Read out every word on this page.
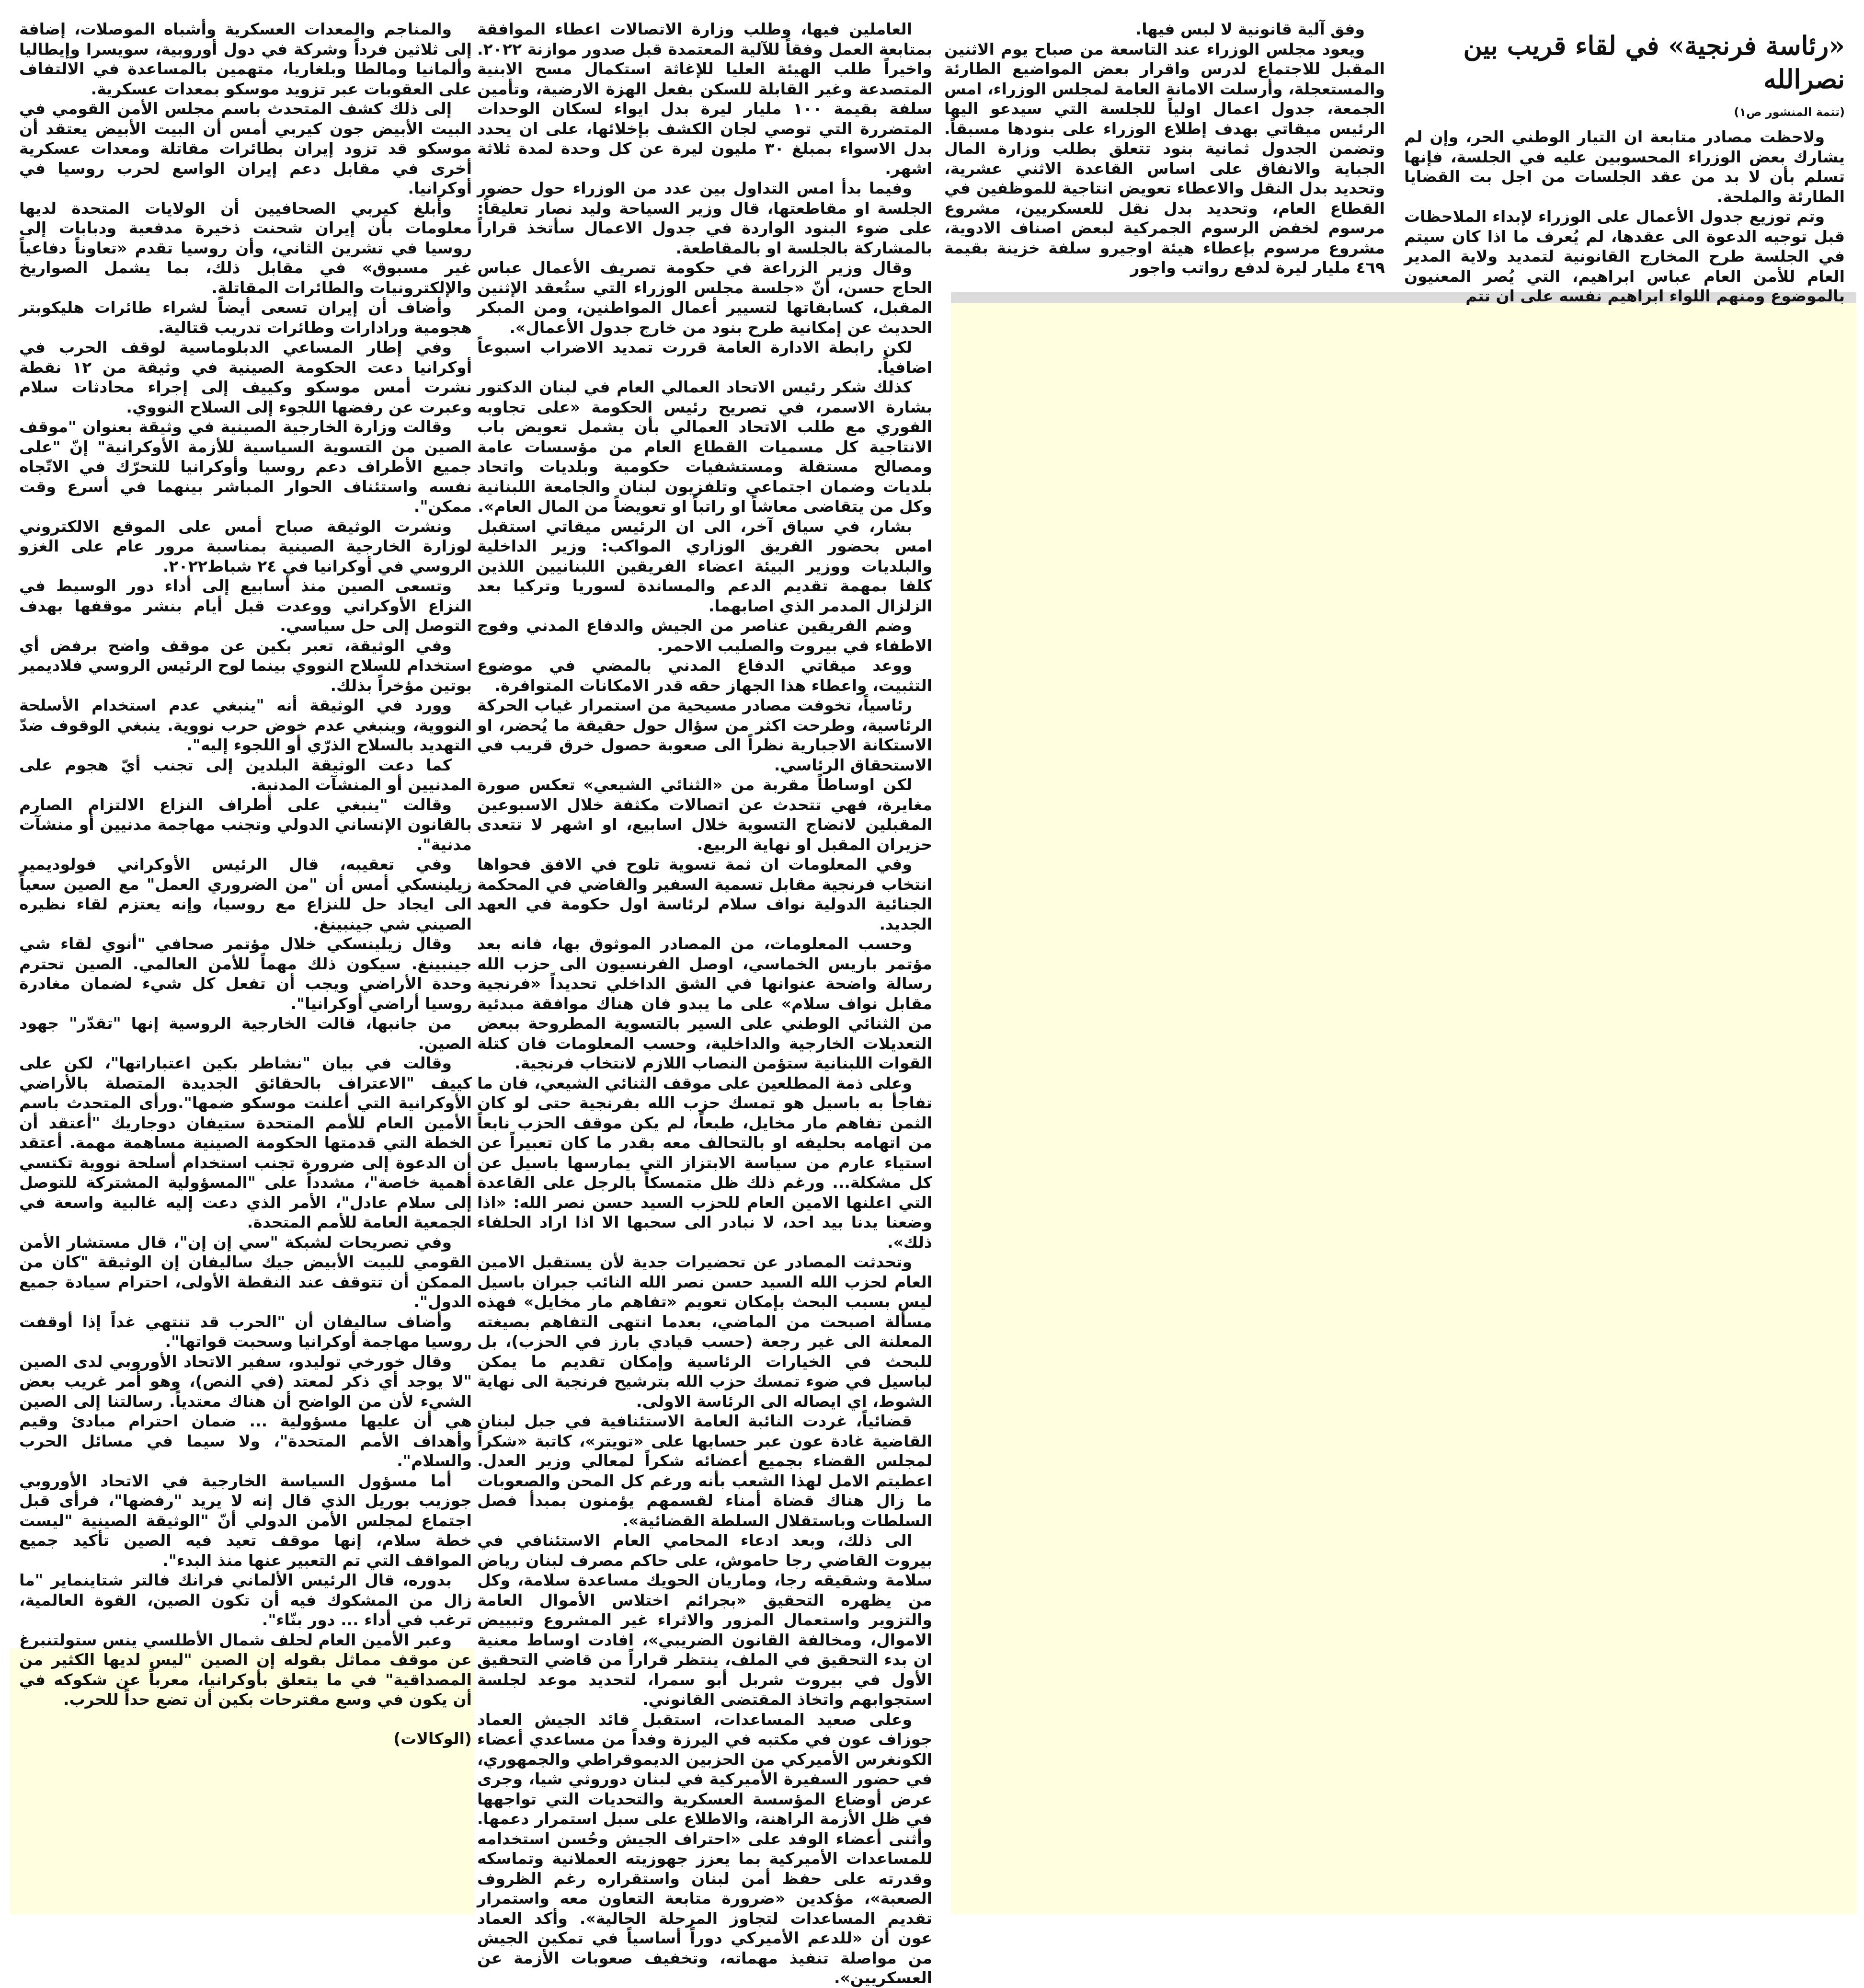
«رئاسة فرنجية» في لقاء قريب بين نصرالله
(تتمة المنشور ص١)

ولاحظت مصادر متابعة ان التيار الوطني الحر، وإن لم يشارك بعض الوزراء المحسوبين عليه في الجلسة، فإنها تسلم بأن لا بد من عقد الجلسات من اجل بت القضايا الطارئة والملحة.

وتم توزيع جدول الأعمال على الوزراء لإبداء الملاحظات قبل توجيه الدعوة الى عقدها، لم يُعرف ما اذا كان سيتم في الجلسة طرح المخارج القانونية لتمديد ولاية المدير العام للأمن العام عباس ابراهيم، التي يُصر المعنيون بالموضوع ومنهم اللواء ابراهيم نفسه على ان تتم

وفق آلية قانونية لا لبس فيها.

ويعود مجلس الوزراء عند التاسعة من صباح يوم الاثنين المقبل للاجتماع لدرس واقرار بعض المواضيع الطارئة والمستعجلة، وأرسلت الامانة العامة لمجلس الوزراء، امس الجمعة، جدول اعمال اولياً للجلسة التي سيدعو اليها الرئيس ميقاتي بهدف إطلاع الوزراء على بنودها مسبقاً. وتضمن الجدول ثمانية بنود تتعلق بطلب وزارة المال الجباية والانفاق على اساس القاعدة الاثني عشرية، وتحديد بدل النقل والاعطاء تعويض انتاجية للموظفين في القطاع العام، وتحديد بدل نقل للعسكريين، مشروع مرسوم لخفض الرسوم الجمركية لبعض اصناف الادوية، مشروع مرسوم بإعطاء هيئة اوجيرو سلفة خزينة بقيمة ٤٦٩ مليار ليرة لدفع رواتب واجور

العاملين فيها، وطلب وزارة الاتصالات اعطاء الموافقة بمتابعة العمل وفقاً للآلية المعتمدة قبل صدور موازنة ٢٠٢٢. واخيراً طلب الهيئة العليا للإغاثة استكمال مسح الابنية المتصدعة وغير القابلة للسكن بفعل الهزة الارضية، وتأمين سلفة بقيمة ١٠٠ مليار ليرة بدل ايواء لسكان الوحدات المتضررة التي توصي لجان الكشف بإخلائها، على ان يحدد بدل الاسواء بمبلغ ٣٠ مليون ليرة عن كل وحدة لمدة ثلاثة اشهر.

وفيما بدأ امس التداول بين عدد من الوزراء حول حضور الجلسة او مقاطعتها، قال وزير السياحة وليد نصار تعليقاً: على ضوء البنود الواردة في جدول الاعمال سأتخذ قراراً بالمشاركة بالجلسة او بالمقاطعة.

وقال وزير الزراعة في حكومة تصريف الأعمال عباس الحاج حسن، أنّ «جلسة مجلس الوزراء التي ستُعقد الإثنين المقبل، كسابقاتها لتسيير أعمال المواطنين، ومن المبكر الحديث عن إمكانية طرح بنود من خارج جدول الأعمال».

لكن رابطة الادارة العامة قررت تمديد الاضراب اسبوعاً اضافياً.

كذلك شكر رئيس الاتحاد العمالي العام في لبنان الدكتور بشارة الاسمر، في تصريح رئيس الحكومة «على تجاوبه الفوري مع طلب الاتحاد العمالي بأن يشمل تعويض باب الانتاجية كل مسميات القطاع العام من مؤسسات عامة ومصالح مستقلة ومستشفيات حكومية وبلديات واتحاد بلديات وضمان اجتماعي وتلفزيون لبنان والجامعة اللبنانية وكل من يتقاضى معاشاً او راتباً او تعويضاً من المال العام».

بشار، في سياق آخر، الى ان الرئيس ميقاتي استقبل امس بحضور الفريق الوزاري المواكب: وزير الداخلية والبلديات ووزير البيئة اعضاء الفريقين اللبنانيين اللذين كلفا بمهمة تقديم الدعم والمساندة لسوريا وتركيا بعد الزلزال المدمر الذي اصابهما.

وضم الفريقين عناصر من الجيش والدفاع المدني وفوج الاطفاء في بيروت والصليب الاحمر.

ووعد ميقاتي الدفاع المدني بالمضي في موضوع التثبيت، واعطاء هذا الجهاز حقه قدر الامكانات المتوافرة.

رئاسياً، تخوفت مصادر مسيحية من استمرار غياب الحركة الرئاسية، وطرحت اكثر من سؤال حول حقيقة ما يُحضر، او الاستكانة الاجبارية نظراً الى صعوبة حصول خرق قريب في الاستحقاق الرئاسي.

لكن اوساطاً مقربة من «الثنائي الشيعي» تعكس صورة مغايرة، فهي تتحدث عن اتصالات مكثفة خلال الاسبوعين المقبلين لانضاج التسوية خلال اسابيع، او اشهر لا تتعدى حزيران المقبل او نهاية الربيع.

وفي المعلومات ان ثمة تسوية تلوح في الافق فحواها انتخاب فرنجية مقابل تسمية السفير والقاضي في المحكمة الجنائية الدولية نواف سلام لرئاسة اول حكومة في العهد الجديد.

وحسب المعلومات، من المصادر الموثوق بها، فانه بعد مؤتمر باريس الخماسي، اوصل الفرنسيون الى حزب الله رسالة واضحة عنوانها في الشق الداخلي تحديداً «فرنجية مقابل نواف سلام» على ما يبدو فان هناك موافقة مبدئية من الثنائي الوطني على السير بالتسوية المطروحة ببعض التعديلات الخارجية والداخلية، وحسب المعلومات فان كتلة القوات اللبنانية ستؤمن النصاب اللازم لانتخاب فرنجية.

وعلى ذمة المطلعين على موقف الثنائي الشيعي، فان ما تفاجأ به باسيل هو تمسك حزب الله بفرنجية حتى لو كان الثمن تفاهم مار مخايل، طبعاً، لم يكن موقف الحزب نابعاً من اتهامه بحليفه او بالتحالف معه بقدر ما كان تعبيراً عن استياء عارم من سياسة الابتزاز التي يمارسها باسيل عن كل مشكلة... ورغم ذلك ظل متمسكاً بالرجل على القاعدة التي اعلنها الامين العام للحزب السيد حسن نصر الله: «اذا وضعنا يدنا بيد احد، لا نبادر الى سحبها الا اذا اراد الحلفاء ذلك».

وتحدثت المصادر عن تحضيرات جدية لأن يستقبل الامين العام لحزب الله السيد حسن نصر الله النائب جبران باسيل ليس بسبب البحث بإمكان تعويم «تفاهم مار مخايل» فهذه مسألة اصبحت من الماضي، بعدما انتهى التفاهم بصيغته المعلنة الى غير رجعة (حسب قيادي بارز في الحزب)، بل للبحث في الخيارات الرئاسية وإمكان تقديم ما يمكن لباسيل في ضوء تمسك حزب الله بترشيح فرنجية الى نهاية الشوط، اي ايصاله الى الرئاسة الاولى.

قضائياً، غردت النائبة العامة الاستئنافية في جبل لبنان القاضية غادة عون عبر حسابها على «تويتر»، كاتبة «شكراً لمجلس القضاء بجميع أعضائه شكراً لمعالي وزير العدل. اعطيتم الامل لهذا الشعب بأنه ورغم كل المحن والصعوبات ما زال هناك قضاة أمناء لقسمهم يؤمنون بمبدأ فصل السلطات وباستقلال السلطة القضائية».

الى ذلك، وبعد ادعاء المحامي العام الاستئنافي في بيروت القاضي رجا حاموش، على حاكم مصرف لبنان رياض سلامة وشقيقه رجا، وماريان الحويك مساعدة سلامة، وكل من يظهره التحقيق «بجرائم اختلاس الأموال العامة والتزوير واستعمال المزور والاثراء غير المشروع وتبييض الاموال، ومخالفة القانون الضريبي»، افادت اوساط معنية ان بدء التحقيق في الملف، ينتظر قراراً من قاضي التحقيق الأول في بيروت شربل أبو سمرا، لتحديد موعد لجلسة استجوابهم واتخاذ المقتضى القانوني.

وعلى صعيد المساعدات، استقبل قائد الجيش العماد جوزاف عون في مكتبه في اليرزة وفداً من مساعدي أعضاء الكونغرس الأميركي من الحزبين الديموقراطي والجمهوري، في حضور السفيرة الأميركية في لبنان دوروثي شيا، وجرى عرض أوضاع المؤسسة العسكرية والتحديات التي تواجهها في ظل الأزمة الراهنة، والاطلاع على سبل استمرار دعمها. وأثنى أعضاء الوفد على «احتراف الجيش وحُسن استخدامه للمساعدات الأميركية بما يعزز جهوزيته العملانية وتماسكه وقدرته على حفظ أمن لبنان واستقراره رغم الظروف الصعبة»، مؤكدين «ضرورة متابعة التعاون معه واستمرار تقديم المساعدات لتجاوز المرحلة الحالية». وأكد العماد عون أن «للدعم الأميركي دوراً أساسياً في تمكين الجيش من مواصلة تنفيذ مهماته، وتخفيف صعوبات الأزمة عن العسكريين».

والمناجم والمعدات العسكرية وأشباه الموصلات، إضافة إلى ثلاثين فرداً وشركة في دول أوروبية، سويسرا وإيطاليا وألمانيا ومالطا وبلغاريا، متهمين بالمساعدة في الالتفاف على العقوبات عبر تزويد موسكو بمعدات عسكرية.

إلى ذلك كشف المتحدث باسم مجلس الأمن القومي في البيت الأبيض جون كيربي أمس أن البيت الأبيض يعتقد أن موسكو قد تزود إيران بطائرات مقاتلة ومعدات عسكرية أخرى في مقابل دعم إيران الواسع لحرب روسيا في أوكرانيا.

وأبلغ كيربي الصحافيين أن الولايات المتحدة لديها معلومات بأن إيران شحنت ذخيرة مدفعية ودبابات إلى روسيا في تشرين الثاني، وأن روسيا تقدم «تعاوناً دفاعياً غير مسبوق» في مقابل ذلك، بما يشمل الصواريخ والإلكترونيات والطائرات المقاتلة.

وأضاف أن إيران تسعى أيضاً لشراء طائرات هليكوبتر هجومية ورادارات وطائرات تدريب قتالية.

وفي إطار المساعي الدبلوماسية لوقف الحرب في أوكرانيا دعت الحكومة الصينية في وثيقة من ١٢ نقطة نشرت أمس موسكو وكييف إلى إجراء محادثات سلام وعبرت عن رفضها اللجوء إلى السلاح النووي.

وقالت وزارة الخارجية الصينية في وثيقة بعنوان "موقف الصين من التسوية السياسية للأزمة الأوكرانية" إنّ "على جميع الأطراف دعم روسيا وأوكرانيا للتحرّك في الاتّجاه نفسه واستئناف الحوار المباشر بينهما في أسرع وقت ممكن".

ونشرت الوثيقة صباح أمس على الموقع الالكتروني لوزارة الخارجية الصينية بمناسبة مرور عام على الغزو الروسي في أوكرانيا في ٢٤ شباط٢٠٢٢.

وتسعى الصين منذ أسابيع إلى أداء دور الوسيط في النزاع الأوكراني ووعدت قبل أيام بنشر موقفها بهدف التوصل إلى حل سياسي.

وفي الوثيقة، تعبر بكين عن موقف واضح برفض أي استخدام للسلاح النووي بينما لوح الرئيس الروسي فلاديمير بوتين مؤخراً بذلك.

وورد في الوثيقة أنه "ينبغي عدم استخدام الأسلحة النووية، وينبغي عدم خوض حرب نووية. ينبغي الوقوف ضدّ التهديد بالسلاح الذرّي أو اللجوء إليه".

كما دعت الوثيقة البلدين إلى تجنب أيّ هجوم على المدنيين أو المنشآت المدنية.

وقالت "ينبغي على أطراف النزاع الالتزام الصارم بالقانون الإنساني الدولي وتجنب مهاجمة مدنيين أو منشآت مدنية".

وفي تعقيبه، قال الرئيس الأوكراني فولوديمير زيلينسكي أمس أن "من الضروري العمل" مع الصين سعياً الى ايجاد حل للنزاع مع روسيا، وإنه يعتزم لقاء نظيره الصيني شي جينبينغ.

وقال زيلينسكي خلال مؤتمر صحافي "أنوي لقاء شي جينبينغ. سيكون ذلك مهماً للأمن العالمي. الصين تحترم وحدة الأراضي ويجب أن تفعل كل شيء لضمان مغادرة روسيا أراضي أوكرانيا".

من جانبها، قالت الخارجية الروسية إنها "تقدّر" جهود الصين.

وقالت في بيان "نشاطر بكين اعتباراتها"، لكن على كييف "الاعتراف بالحقائق الجديدة المتصلة بالأراضي الأوكرانية التي أعلنت موسكو ضمها".ورأى المتحدث باسم الأمين العام للأمم المتحدة ستيفان دوجاريك "أعتقد أن الخطة التي قدمتها الحكومة الصينية مساهمة مهمة. أعتقد أن الدعوة إلى ضرورة تجنب استخدام أسلحة نووية تكتسي أهمية خاصة"، مشدداً على "المسؤولية المشتركة للتوصل إلى سلام عادل"، الأمر الذي دعت إليه غالبية واسعة في الجمعية العامة للأمم المتحدة.

وفي تصريحات لشبكة "سي إن إن"، قال مستشار الأمن القومي للبيت الأبيض جيك ساليفان إن الوثيقة "كان من الممكن أن تتوقف عند النقطة الأولى، احترام سيادة جميع الدول".

وأضاف ساليفان أن "الحرب قد تنتهي غداً إذا أوقفت روسيا مهاجمة أوكرانيا وسحبت قواتها".

وقال خورخي توليدو، سفير الاتحاد الأوروبي لدى الصين "لا يوجد أي ذكر لمعتد (في النص)، وهو أمر غريب بعض الشيء لأن من الواضح أن هناك معتدياً. رسالتنا إلى الصين هي أن عليها مسؤولية ... ضمان احترام مبادئ وقيم وأهداف الأمم المتحدة"، ولا سيما في مسائل الحرب والسلام".

أما مسؤول السياسة الخارجية في الاتحاد الأوروبي جوزيب بوريل الذي قال إنه لا يريد "رفضها"، فرأى قبل اجتماع لمجلس الأمن الدولي أنّ "الوثيقة الصينية "ليست خطة سلام، إنها موقف تعيد فيه الصين تأكيد جميع المواقف التي تم التعبير عنها منذ البدء".

بدوره، قال الرئيس الألماني فرانك فالتر شتاينماير "ما زال من المشكوك فيه أن تكون الصين، القوة العالمية، ترغب في أداء ... دور بنّاء".

وعبر الأمين العام لحلف شمال الأطلسي ينس ستولتنبرغ عن موقف مماثل بقوله إن الصين "ليس لديها الكثير من المصداقية" في ما يتعلق بأوكرانيا، معرباً عن شكوكه في أن يكون في وسع مقترحات بكين أن تضع حداً للحرب.

(الوكالات)
